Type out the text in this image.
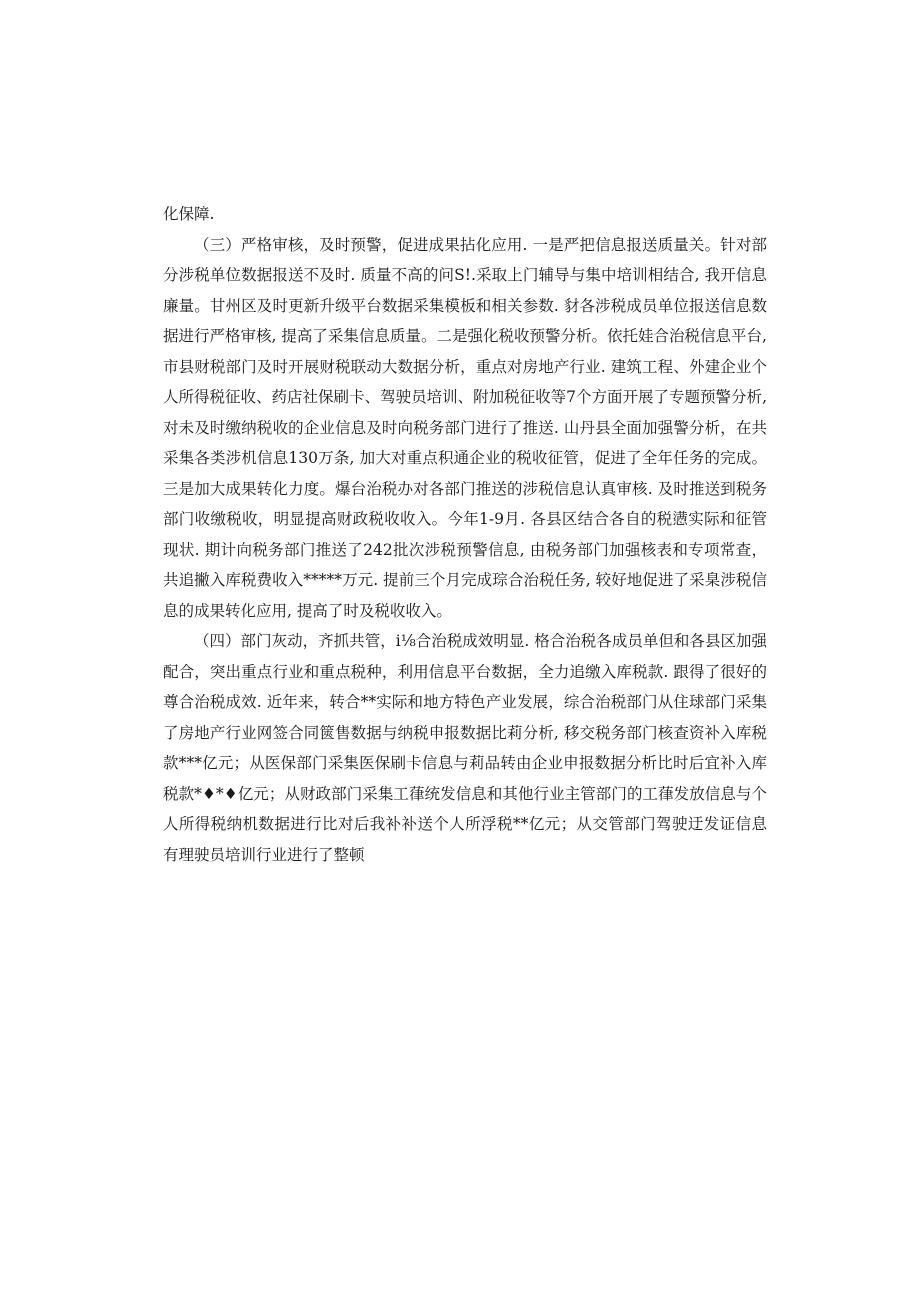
化保障.

（三）严格审核，及时预警，促进成果拈化应用. 一是严把信息报送质量关。针对部分涉税单位数据报送不及时. 质量不高的问S!.采取上门辅导与集中培训相结合, 我开信息廉量。甘州区及时更新升级平台数据采集模板和相关参数. 豺各涉税成员单位报送信息数据进行严格审核, 提高了采集信息质量。二是强化税收预警分析。依托娃合治税信息平台, 市县财税部门及时开展财税联动大数据分析，重点对房地产行业. 建筑工程、外建企业个人所得税征收、药店社保刷卡、驾驶员培训、附加税征收等7个方面开展了专题预警分析, 对未及时缴纳税收的企业信息及时向税务部门进行了推送. 山丹县全面加强警分析，在共采集各类涉机信息130万条, 加大对重点积通企业的税收征管，促进了全年任务的完成。三是加大成果转化力度。爆台治税办对各部门推送的涉税信息认真审核. 及时推送到税务部门收缴税收，明显提高财政税收收入。今年1-9月. 各县区结合各自的税懑实际和征管现状. 期计向税务部门推送了242批次涉税预警信息, 由税务部门加强核表和专项常查，共追撇入库税费收入*****万元. 提前三个月完成琮合治税任务, 较好地促进了采臬涉税信息的成果转化应用, 提高了时及税收收入。

（四）部门灰动，齐抓共管，i⅛合治税成效明显. 格合治税各成员单但和各县区加强配合，突出重点行业和重点税种，利用信息平台数据，全力追缴入库税款. 跟得了很好的尊合治税成效. 近年来，转合**实际和地方特色产业发展，综合治税部门从住球部门采集了房地产行业网签合同篋售数据与纳税申报数据比莉分析, 移交税务部门核查资补入库税款***亿元；从医保部门采集医保刷卡信息与莉品转由企业申报数据分析比时后宜补入库税款*♦*♦亿元；从财政部门采集工葎统发信息和其他行业主管部门的工葎发放信息与个人所得税纳机数据进行比对后我补补送个人所浮税**亿元；从交管部门驾驶迂发证信息有理驶员培训行业进行了整顿
